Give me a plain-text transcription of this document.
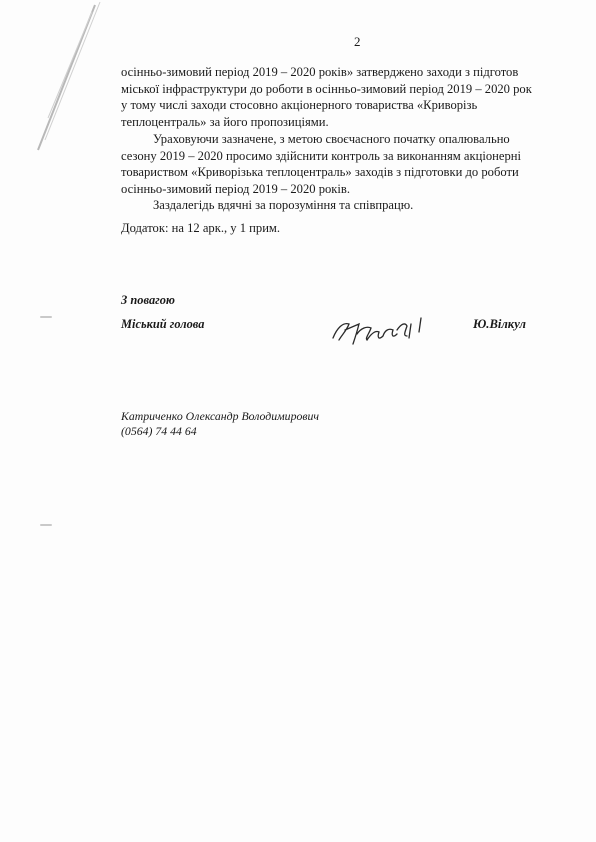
2
осінньо-зимовий період 2019 – 2020 років» затверджено заходи з підготов
міської інфраструктури до роботи в осінньо-зимовий період 2019 – 2020 рок
у тому числі заходи стосовно акціонерного товариства «Криворізь
теплоцентраль» за його пропозиціями.
Ураховуючи зазначене, з метою своєчасного початку опалювально
сезону 2019 – 2020 просимо здійснити контроль за виконанням акціонерні
товариством «Криворізька теплоцентраль» заходів з підготовки до роботи
осінньо-зимовий період 2019 – 2020 років.
Заздалегідь вдячні за порозуміння та співпрацю.
Додаток: на 12 арк., у 1 прим.
З повагою
Міський голова	Ю.Вілкул
Катриченко Олександр Володимирович
(0564) 74 44 64
